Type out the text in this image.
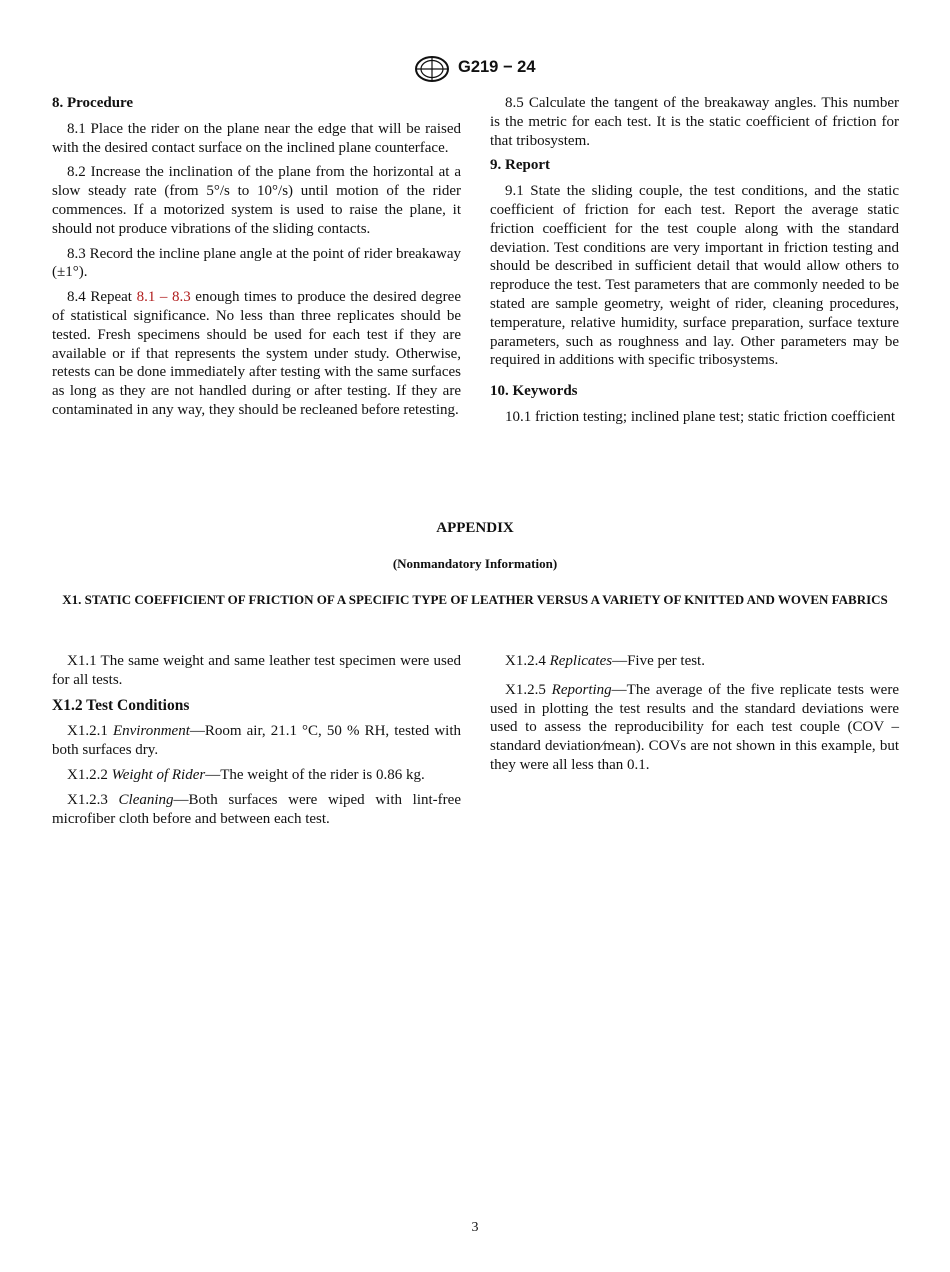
G219 − 24
8. Procedure

8.1 Place the rider on the plane near the edge that will be raised with the desired contact surface on the inclined plane counterface.

8.2 Increase the inclination of the plane from the horizontal at a slow steady rate (from 5°/s to 10°/s) until motion of the rider commences. If a motorized system is used to raise the plane, it should not produce vibrations of the sliding contacts.

8.3 Record the incline plane angle at the point of rider breakaway (±1°).

8.4 Repeat 8.1 – 8.3 enough times to produce the desired degree of statistical significance. No less than three replicates should be tested. Fresh specimens should be used for each test if they are available or if that represents the system under study. Otherwise, retests can be done immediately after testing with the same surfaces as long as they are not handled during or after testing. If they are contaminated in any way, they should be recleaned before retesting.

8.5 Calculate the tangent of the breakaway angles. This number is the metric for each test. It is the static coefficient of friction for that tribosystem.

9. Report

9.1 State the sliding couple, the test conditions, and the static coefficient of friction for each test. Report the average static friction coefficient for the test couple along with the standard deviation. Test conditions are very important in friction testing and should be described in sufficient detail that would allow others to reproduce the test. Test parameters that are commonly needed to be stated are sample geometry, weight of rider, cleaning procedures, temperature, relative humidity, surface preparation, surface texture parameters, such as roughness and lay. Other parameters may be required in additions with specific tribosystems.

10. Keywords

10.1 friction testing; inclined plane test; static friction coefficient

APPENDIX
(Nonmandatory Information)
X1. STATIC COEFFICIENT OF FRICTION OF A SPECIFIC TYPE OF LEATHER VERSUS A VARIETY OF KNITTED AND WOVEN FABRICS

X1.1 The same weight and same leather test specimen were used for all tests.

X1.2 Test Conditions

X1.2.1 Environment—Room air, 21.1 °C, 50 % RH, tested with both surfaces dry.

X1.2.2 Weight of Rider—The weight of the rider is 0.86 kg.

X1.2.3 Cleaning—Both surfaces were wiped with lint-free microfiber cloth before and between each test.

X1.2.4 Replicates—Five per test.

X1.2.5 Reporting—The average of the five replicate tests were used in plotting the test results and the standard deviations were used to assess the reproducibility for each test couple (COV – standard deviation⁄mean). COVs are not shown in this example, but they were all less than 0.1.

3
